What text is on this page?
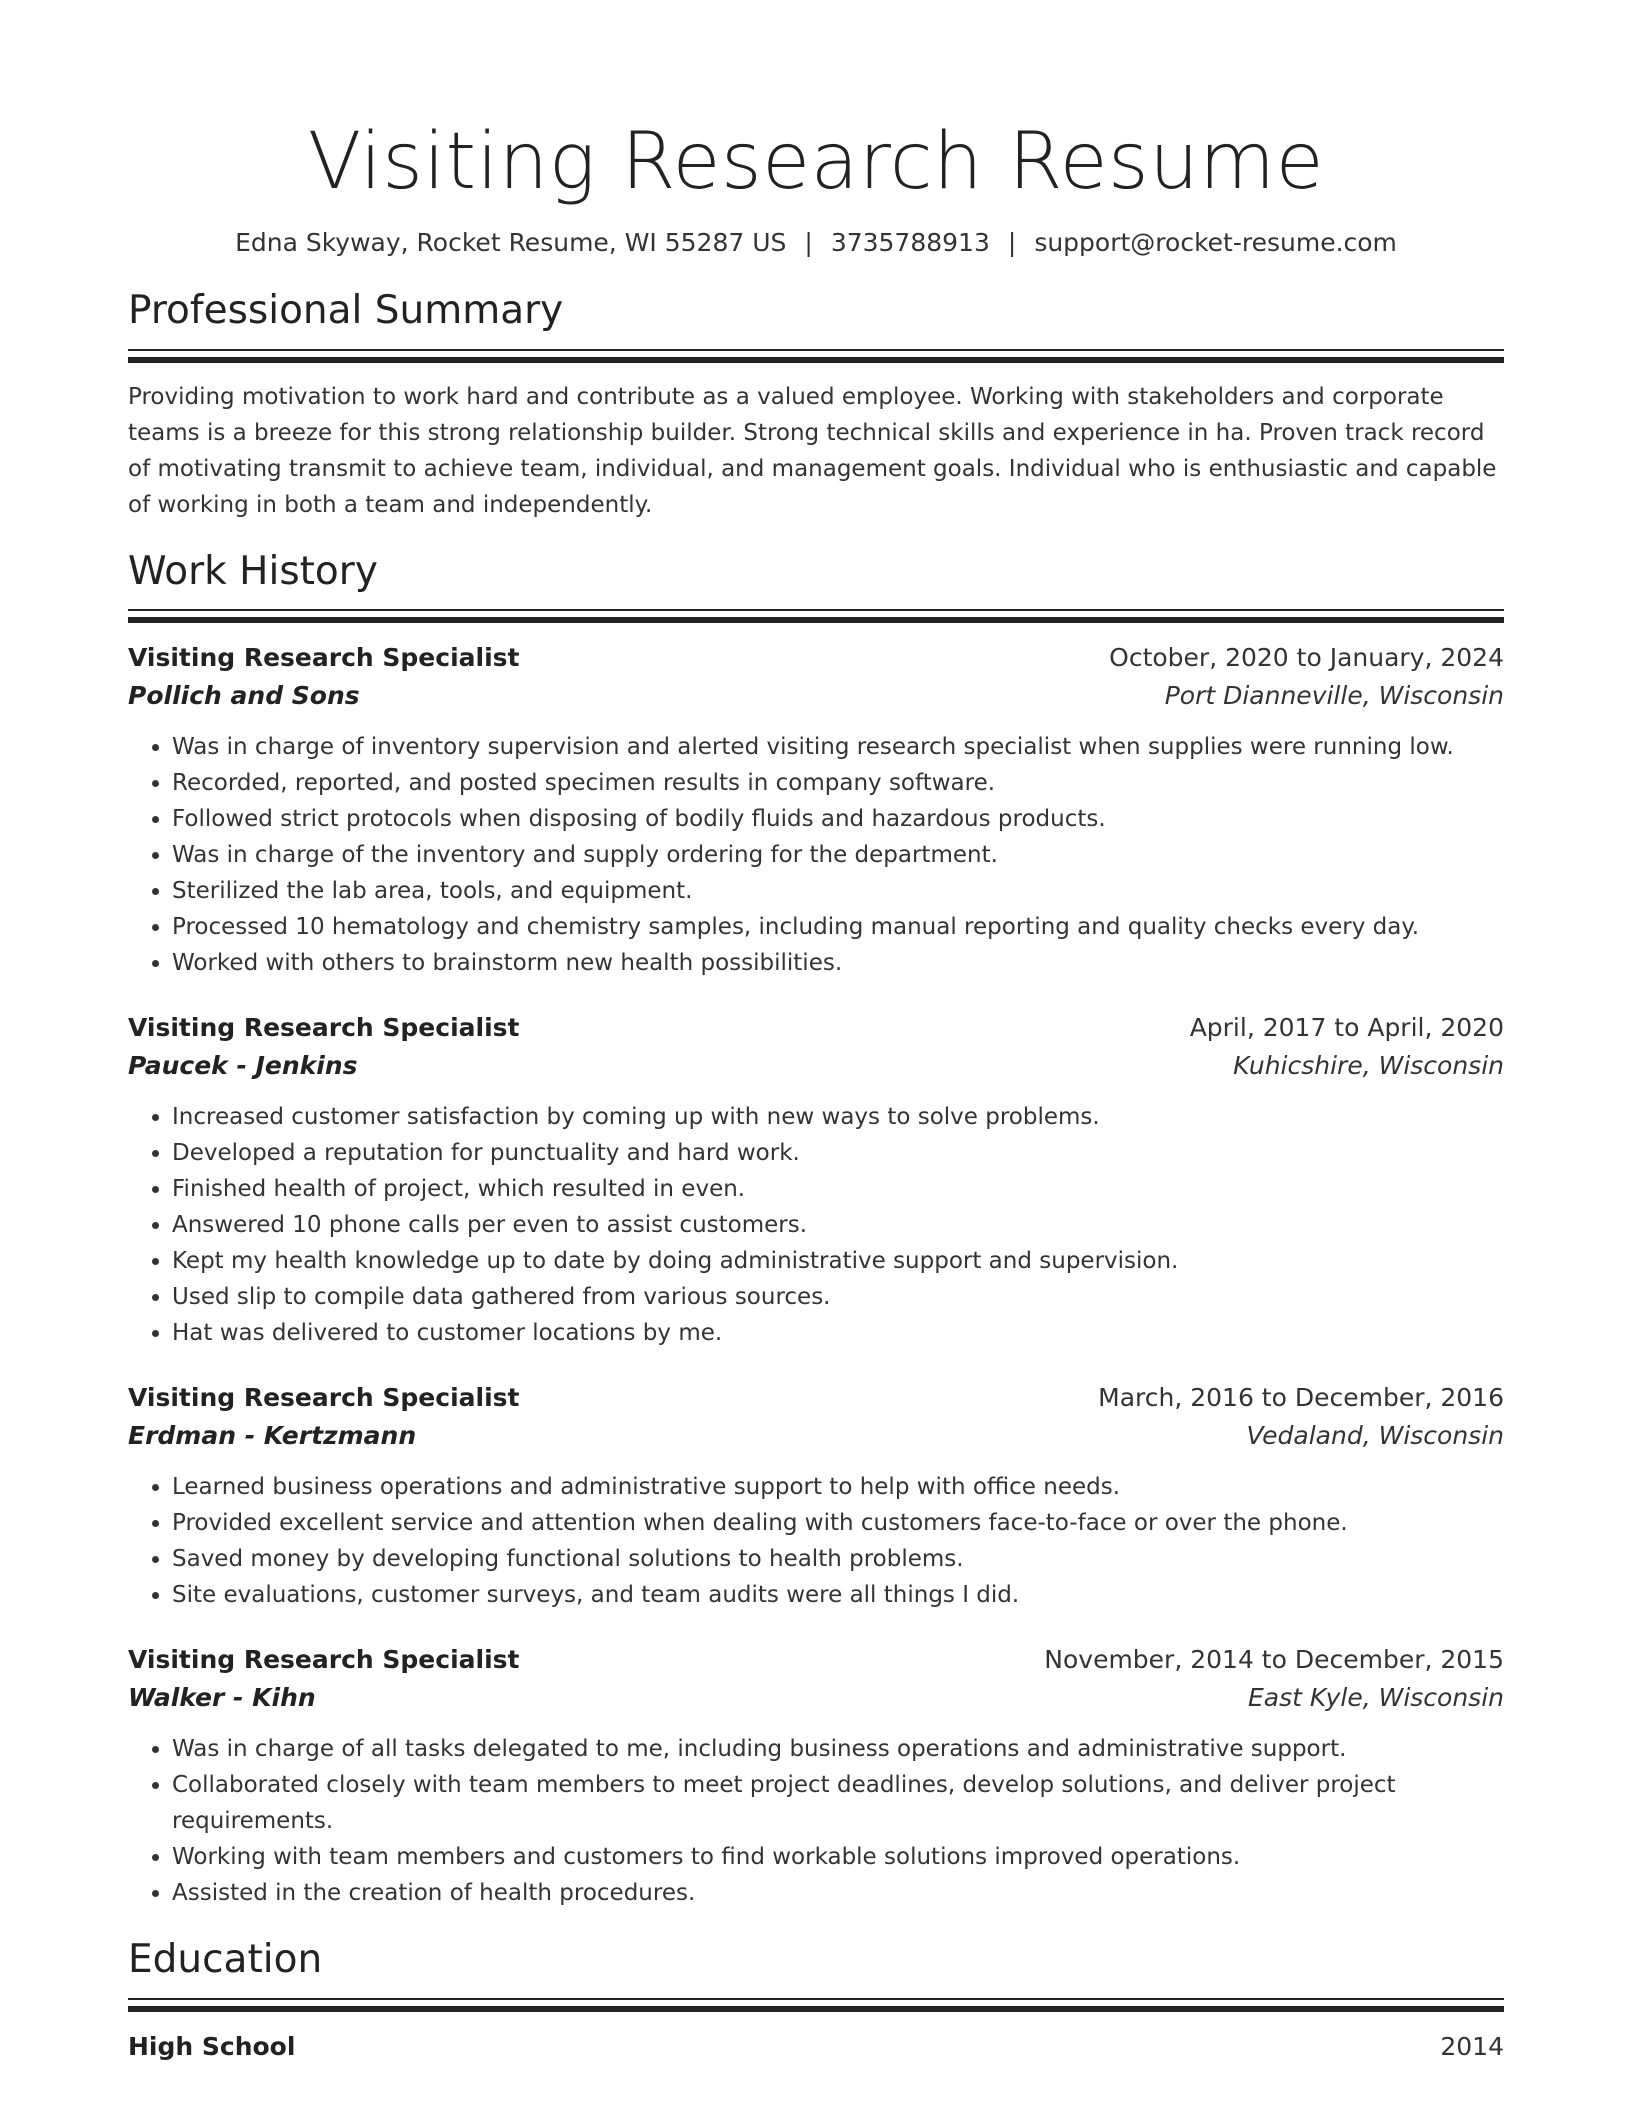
Visiting Research Resume
Edna Skyway, Rocket Resume, WI 55287 US | 3735788913 | support@rocket-resume.com
Professional Summary

Providing motivation to work hard and contribute as a valued employee. Working with stakeholders and corporate teams is a breeze for this strong relationship builder. Strong technical skills and experience in ha. Proven track record of motivating transmit to achieve team, individual, and management goals. Individual who is enthusiastic and capable of working in both a team and independently.

Work History
Visiting Research Specialist	October, 2020 to January, 2024
Pollich and Sons	Port Dianneville, Wisconsin
• Was in charge of inventory supervision and alerted visiting research specialist when supplies were running low.
• Recorded, reported, and posted specimen results in company software.
• Followed strict protocols when disposing of bodily fluids and hazardous products.
• Was in charge of the inventory and supply ordering for the department.
• Sterilized the lab area, tools, and equipment.
• Processed 10 hematology and chemistry samples, including manual reporting and quality checks every day.
• Worked with others to brainstorm new health possibilities.
Visiting Research Specialist	April, 2017 to April, 2020
Paucek - Jenkins	Kuhicshire, Wisconsin
• Increased customer satisfaction by coming up with new ways to solve problems.
• Developed a reputation for punctuality and hard work.
• Finished health of project, which resulted in even.
• Answered 10 phone calls per even to assist customers.
• Kept my health knowledge up to date by doing administrative support and supervision.
• Used slip to compile data gathered from various sources.
• Hat was delivered to customer locations by me.
Visiting Research Specialist	March, 2016 to December, 2016
Erdman - Kertzmann	Vedaland, Wisconsin
• Learned business operations and administrative support to help with office needs.
• Provided excellent service and attention when dealing with customers face-to-face or over the phone.
• Saved money by developing functional solutions to health problems.
• Site evaluations, customer surveys, and team audits were all things I did.
Visiting Research Specialist	November, 2014 to December, 2015
Walker - Kihn	East Kyle, Wisconsin
• Was in charge of all tasks delegated to me, including business operations and administrative support.
• Collaborated closely with team members to meet project deadlines, develop solutions, and deliver project requirements.
• Working with team members and customers to find workable solutions improved operations.
• Assisted in the creation of health procedures.
Education
High School	2014
